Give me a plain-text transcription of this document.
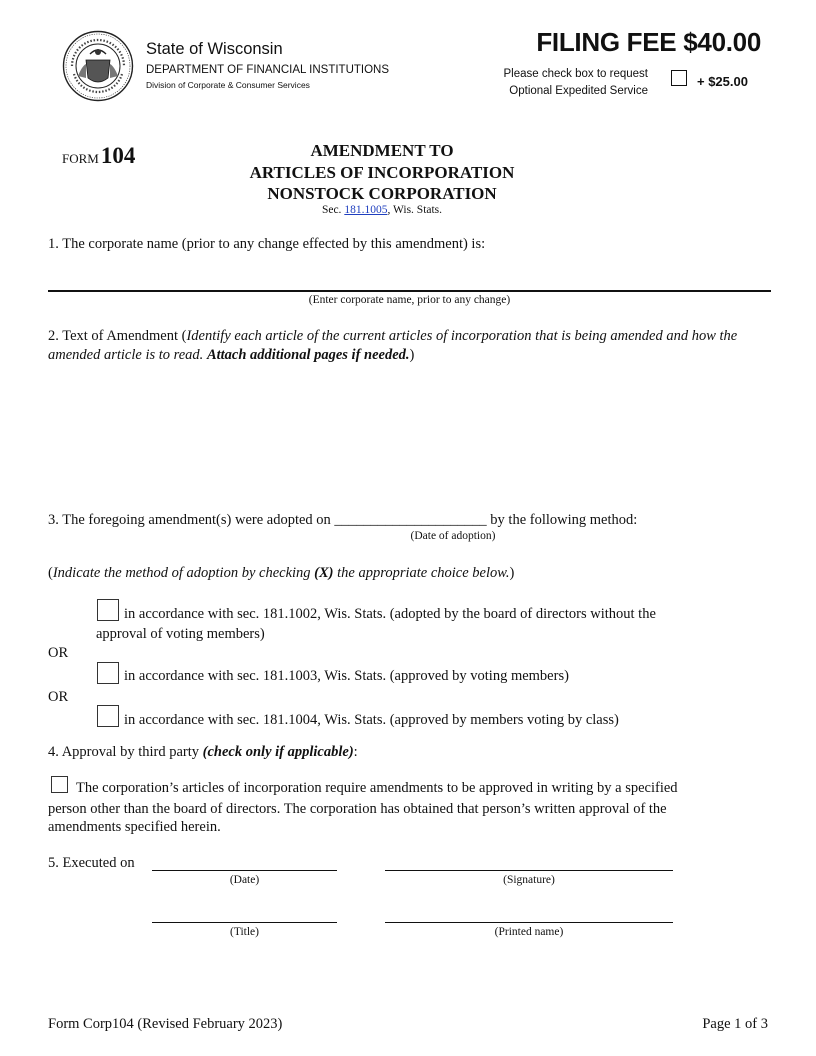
State of Wisconsin
DEPARTMENT OF FINANCIAL INSTITUTIONS
Division of Corporate & Consumer Services
FILING FEE $40.00
Please check box to request
Optional Expedited Service
+ $25.00
FORM104	AMENDMENT TO
ARTICLES OF INCORPORATION
NONSTOCK CORPORATION
Sec. 181.1005, Wis. Stats.
1. The corporate name (prior to any change effected by this amendment) is:
(Enter corporate name, prior to any change)
2. Text of Amendment (Identify each article of the current articles of incorporation that is being amended and how the amended article is to read. Attach additional pages if needed.)
3. The foregoing amendment(s) were adopted on _____________________ by the following method:
(Date of adoption)
(Indicate the method of adoption by checking (X) the appropriate choice below.)
in accordance with sec. 181.1002, Wis. Stats. (adopted by the board of directors without the
approval of voting members)
OR
in accordance with sec. 181.1003, Wis. Stats. (approved by voting members)
OR
in accordance with sec. 181.1004, Wis. Stats. (approved by members voting by class)
4. Approval by third party (check only if applicable):
The corporation’s articles of incorporation require amendments to be approved in writing by a specified
person other than the board of directors. The corporation has obtained that person’s written approval of the
amendments specified herein.
5. Executed on
(Date)	(Signature)
(Title)	(Printed name)
Form Corp104 (Revised February 2023)	Page 1 of 3
